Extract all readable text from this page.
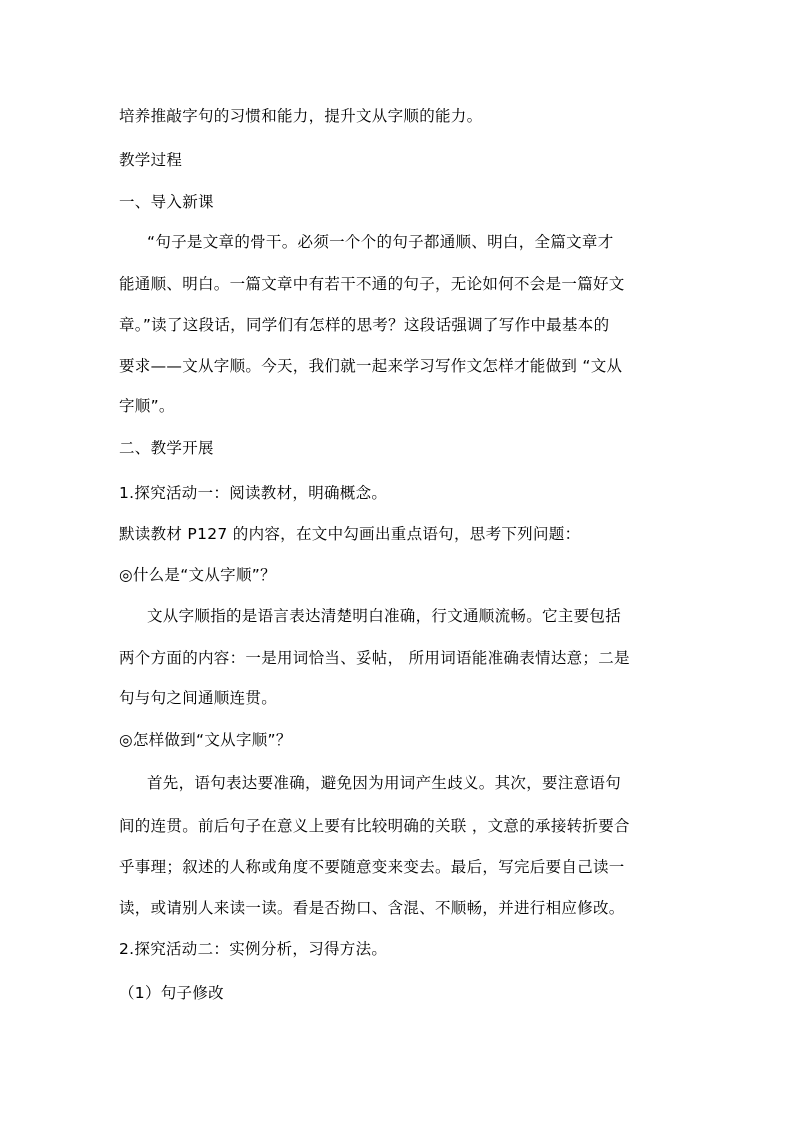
培养推敲字句的习惯和能力，提升文从字顺的能力。
教学过程
一、导入新课
“句子是文章的骨干。必须一个个的句子都通顺、明白，全篇文章才
能通顺、明白。一篇文章中有若干不通的句子，无论如何不会是一篇好文
章。”读了这段话，同学们有怎样的思考？这段话强调了写作中最基本的
要求——文从字顺。今天，我们就一起来学习写作文怎样才能做到 “文从
字顺”。
二、教学开展
1.探究活动一：阅读教材，明确概念。
默读教材 P127 的内容，在文中勾画出重点语句，思考下列问题：
◎什么是“文从字顺”？
文从字顺指的是语言表达清楚明白准确，行文通顺流畅。它主要包括
两个方面的内容：一是用词恰当、妥帖， 所用词语能准确表情达意；二是
句与句之间通顺连贯。
◎怎样做到“文从字顺”？
首先，语句表达要准确，避免因为用词产生歧义。其次，要注意语句
间的连贯。前后句子在意义上要有比较明确的关联 ，文意的承接转折要合
乎事理；叙述的人称或角度不要随意变来变去。最后，写完后要自己读一
读，或请别人来读一读。看是否拗口、含混、不顺畅，并进行相应修改。
2.探究活动二：实例分析，习得方法。
（1）句子修改
